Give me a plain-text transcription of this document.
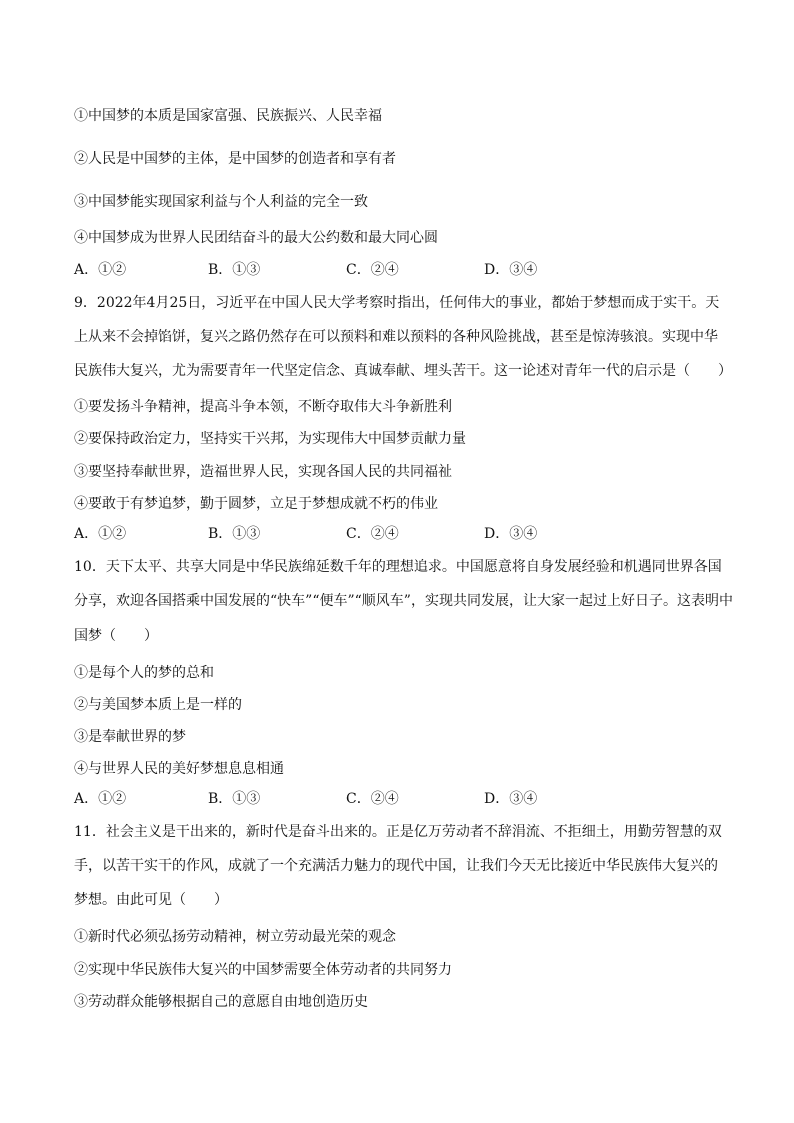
①中国梦的本质是国家富强、民族振兴、人民幸福
②人民是中国梦的主体，是中国梦的创造者和享有者
③中国梦能实现国家利益与个人利益的完全一致
④中国梦成为世界人民团结奋斗的最大公约数和最大同心圆
A．①②	B．①③	C．②④	D．③④
9．2022年4月25日，习近平在中国人民大学考察时指出，任何伟大的事业，都始于梦想而成于实干。天
上从来不会掉馅饼，复兴之路仍然存在可以预料和难以预料的各种风险挑战，甚至是惊涛骇浪。实现中华
民族伟大复兴，尤为需要青年一代坚定信念、真诚奉献、埋头苦干。这一论述对青年一代的启示是（　　）
①要发扬斗争精神，提高斗争本领，不断夺取伟大斗争新胜利
②要保持政治定力，坚持实干兴邦，为实现伟大中国梦贡献力量
③要坚持奉献世界，造福世界人民，实现各国人民的共同福祉
④要敢于有梦追梦，勤于圆梦，立足于梦想成就不朽的伟业
A．①②	B．①③	C．②④	D．③④
10．天下太平、共享大同是中华民族绵延数千年的理想追求。中国愿意将自身发展经验和机遇同世界各国
分享，欢迎各国搭乘中国发展的“快车”“便车”“顺风车”，实现共同发展，让大家一起过上好日子。这表明中
国梦（　　）
①是每个人的梦的总和
②与美国梦本质上是一样的
③是奉献世界的梦
④与世界人民的美好梦想息息相通
A．①②	B．①③	C．②④	D．③④
11．社会主义是干出来的，新时代是奋斗出来的。正是亿万劳动者不辞涓流、不拒细土，用勤劳智慧的双
手，以苦干实干的作风，成就了一个充满活力魅力的现代中国，让我们今天无比接近中华民族伟大复兴的
梦想。由此可见（　　）
①新时代必须弘扬劳动精神，树立劳动最光荣的观念
②实现中华民族伟大复兴的中国梦需要全体劳动者的共同努力
③劳动群众能够根据自己的意愿自由地创造历史
